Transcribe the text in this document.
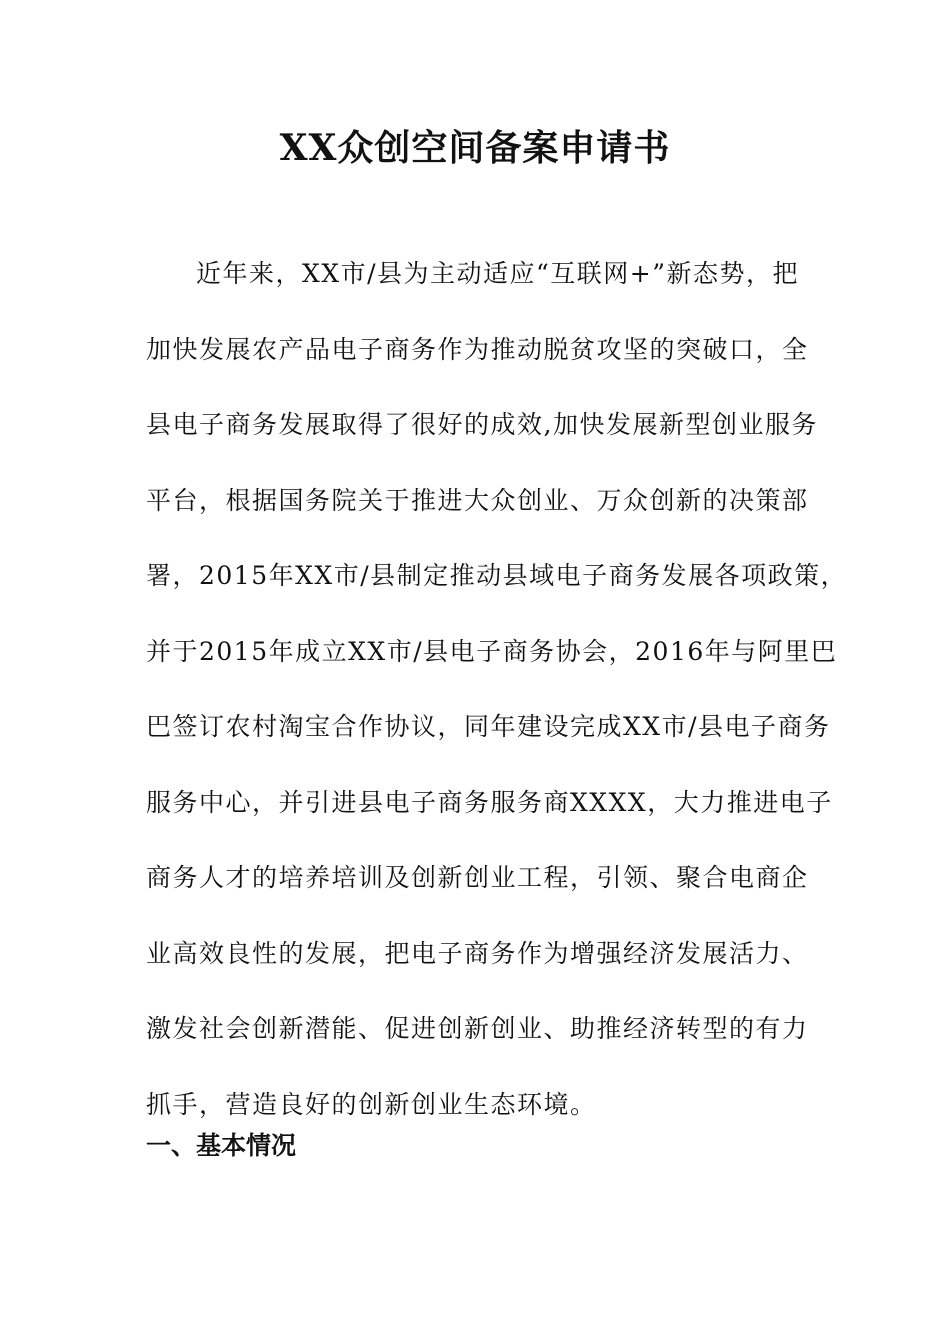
XX众创空间备案申请书
近年来，XX市/县为主动适应“互联网+”新态势，把
加快发展农产品电子商务作为推动脱贫攻坚的突破口，全
县电子商务发展取得了很好的成效,加快发展新型创业服务
平台，根据国务院关于推进大众创业、万众创新的决策部
署，2015年XX市/县制定推动县域电子商务发展各项政策，
并于2015年成立XX市/县电子商务协会，2016年与阿里巴
巴签订农村淘宝合作协议，同年建设完成XX市/县电子商务
服务中心，并引进县电子商务服务商XXXX，大力推进电子
商务人才的培养培训及创新创业工程，引领、聚合电商企
业高效良性的发展，把电子商务作为增强经济发展活力、
激发社会创新潜能、促进创新创业、助推经济转型的有力
抓手，营造良好的创新创业生态环境。
一、基本情况
